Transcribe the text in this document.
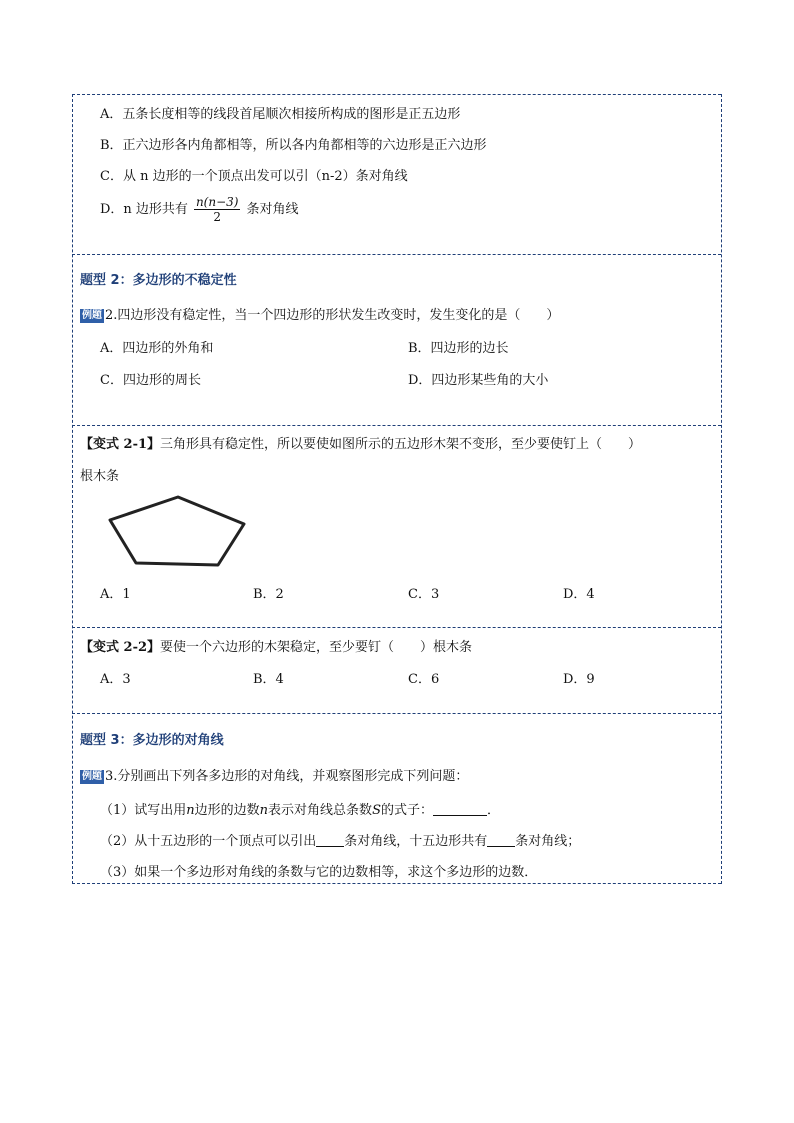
A．五条长度相等的线段首尾顺次相接所构成的图形是正五边形
B．正六边形各内角都相等，所以各内角都相等的六边形是正六边形
C．从 n 边形的一个顶点出发可以引（n-2）条对角线
D．n 边形共有 $\frac{n(n-3)}{2}$ 条对角线
题型 2：多边形的不稳定性
例题 2.四边形没有稳定性，当一个四边形的形状发生改变时，发生变化的是（　　）
A．四边形的外角和	B．四边形的边长
C．四边形的周长	D．四边形某些角的大小
【变式 2-1】三角形具有稳定性，所以要使如图所示的五边形木架不变形，至少要使钉上（　　）
根木条
A．1	B．2	C．3	D．4
【变式 2-2】要使一个六边形的木架稳定，至少要钉（　　）根木条
A．3	B．4	C．6	D．9
题型 3：多边形的对角线
例题 3.分别画出下列各多边形的对角线，并观察图形完成下列问题：
（1）试写出用n边形的边数n表示对角线总条数S的式子：	．
（2）从十五边形的一个顶点可以引出 条对角线，十五边形共有 条对角线；
（3）如果一个多边形对角线的条数与它的边数相等，求这个多边形的边数．
